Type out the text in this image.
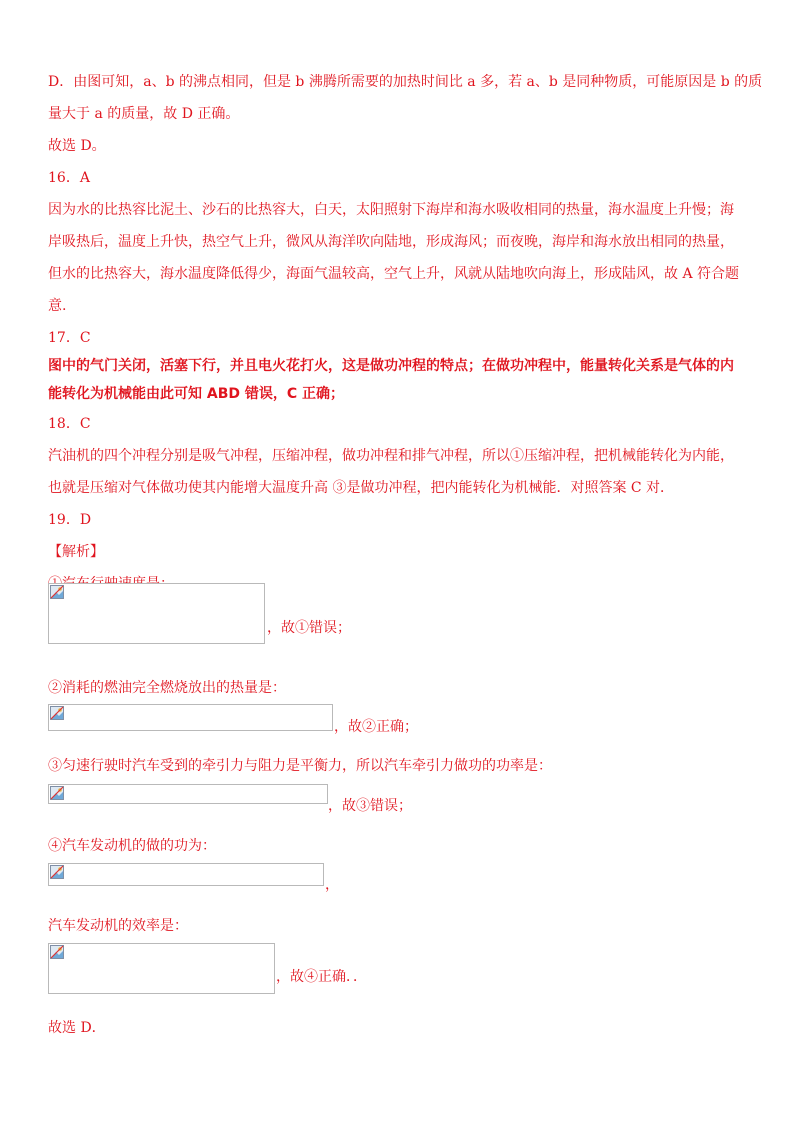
D．由图可知，a、b 的沸点相同，但是 b 沸腾所需要的加热时间比 a 多，若 a、b 是同种物质，可能原因是 b 的质
量大于 a 的质量，故 D 正确。
故选 D。
16．A
因为水的比热容比泥土、沙石的比热容大，白天，太阳照射下海岸和海水吸收相同的热量，海水温度上升慢；海
岸吸热后，温度上升快，热空气上升，微风从海洋吹向陆地，形成海风；而夜晚，海岸和海水放出相同的热量，
但水的比热容大，海水温度降低得少，海面气温较高，空气上升，风就从陆地吹向海上，形成陆风，故 A 符合题
意.
17．C
图中的气门关闭，活塞下行，并且电火花打火，这是做功冲程的特点；在做功冲程中，能量转化关系是气体的内
能转化为机械能由此可知 ABD 错误，C 正确；
18．C
汽油机的四个冲程分别是吸气冲程，压缩冲程，做功冲程和排气冲程，所以①压缩冲程，把机械能转化为内能，
也就是压缩对气体做功使其内能增大温度升高 ③是做功冲程，把内能转化为机械能．对照答案 C 对．
19．D
【解析】
，故①错误；
②消耗的燃油完全燃烧放出的热量是：
，故②正确；
③匀速行驶时汽车受到的牵引力与阻力是平衡力，所以汽车牵引力做功的功率是：
，故③错误；
④汽车发动机的做的功为：
，
汽车发动机的效率是：
，故④正确．．
故选 D．
